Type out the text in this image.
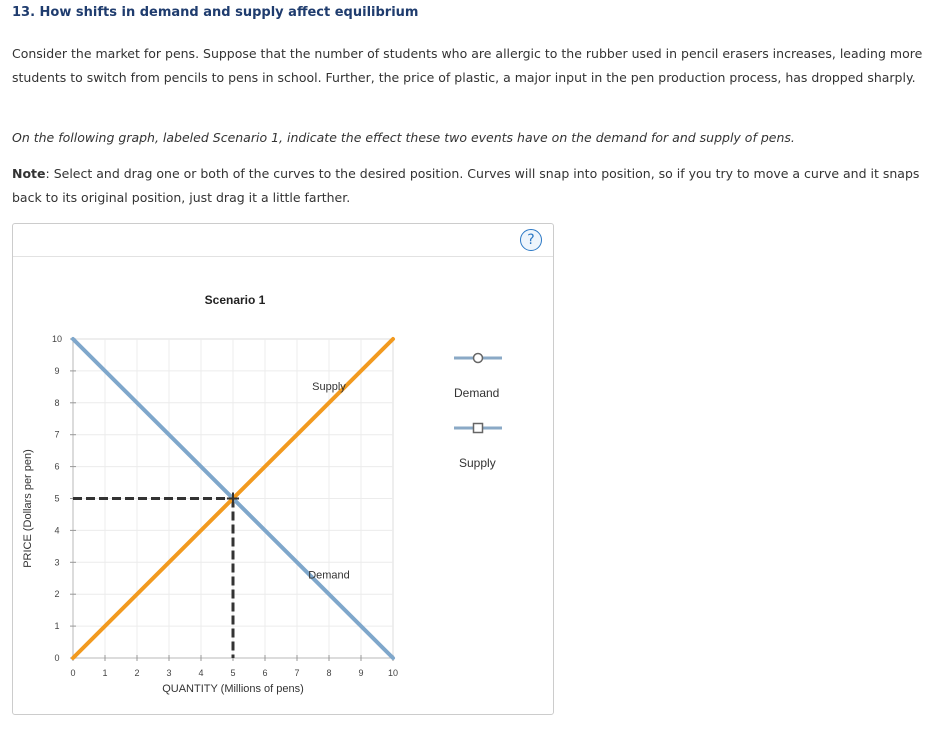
13. How shifts in demand and supply affect equilibrium
Consider the market for pens. Suppose that the number of students who are allergic to the rubber used in pencil erasers increases, leading more students to switch from pencils to pens in school. Further, the price of plastic, a major input in the pen production process, has dropped sharply.
On the following graph, labeled Scenario 1, indicate the effect these two events have on the demand for and supply of pens.
Note: Select and drag one or both of the curves to the desired position. Curves will snap into position, so if you try to move a curve and it snaps back to its original position, just drag it a little farther.
?
Scenario 1
0	1	2	3	4	5	6	7	8	9	10
0
1
2
3
4
5
6
7
8
9
10
QUANTITY (Millions of pens)
PRICE (Dollars per pen)
Demand
Supply	Demand
Supply
